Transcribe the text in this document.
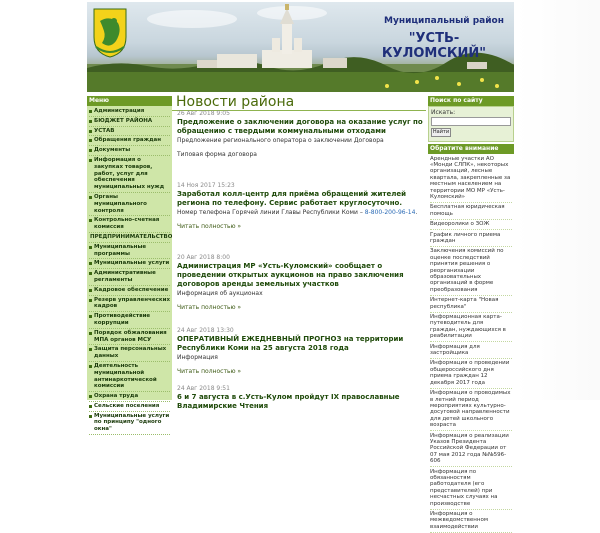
Муниципальный район
"УСТЬ-КУЛОМСКИЙ"
Меню
Администрация
БЮДЖЕТ РАЙОНА
УСТАВ
Обращения граждан
Документы
Информация о закупках товаров, работ, услуг для обеспечения муниципальных нужд
Органы муниципального контроля
Контрольно-счетная комиссия
ПРЕДПРИНИМАТЕЛЬСТВО
Муниципальные программы
Муниципальные услуги
Административные регламенты
Кадровое обеспечение
Резерв управленческих кадров
Противодействие коррупции
Порядок обжалования МПА органов МСУ
Защита персональных данных
Деятельность муниципальной антинаркотической комиссии
Охрана труда
Сельские поселения
Муниципальные услуги по принципу "одного окна"
Новости района
26 Авг 2018 9:05
Предложение о заключении договора на оказание услуг по обращению с твердыми коммунальными отходами
Предложение регионального оператора о заключении Договора
Типовая форма договора
14 Ноя 2017 15:23
Заработал колл-центр для приёма обращений жителей региона по телефону. Сервис работает круглосуточно.
Номер телефона Горячей линии Главы Республики Коми – 8-800-200-96-14.
Читать полностью »
20 Авг 2018 8:00
Администрация МР «Усть-Куломский» сообщает о проведении открытых аукционов на право заключения договоров аренды земельных участков
Информация об аукционах
Читать полностью »
24 Авг 2018 13:30
ОПЕРАТИВНЫЙ ЕЖЕДНЕВНЫЙ ПРОГНОЗ на территории Республики Коми на 25 августа 2018 года
Информация
Читать полностью »
24 Авг 2018 9:51
6 и 7 августа в с.Усть-Кулом пройдут IX православные Владимирские Чтения
Поиск по сайту
Искать:
Найти
Обратите внимание
Арендные участки АО «Монди СЛПК», некоторых организаций, лесные квартала, закрепленные за местным населением на территории МО МР «Усть-Куломский»
Бесплатная юридическая помощь
Видеоролики о ЗОЖ
График личного приема граждан
Заключения комиссий по оценке последствий принятия решения о реорганизации образовательных организаций в форме преобразования
Интернет-карта "Новая республика"
Информационная карта-путеводитель для граждан, нуждающихся в реабилитации
Информация для застройщика
Информация о проведении общероссийского дня приема граждан 12 декабря 2017 года
Информация о проводимых в летний период мероприятиях культурно-досуговой направленности для детей школьного возраста
Информация о реализации Указов Президента Российской Федерации от 07 мая 2012 года №№596-606
Информация по обязанностям работодателя (его представителей) при несчастных случаях на производстве
Информация о межведомственном взаимодействии
